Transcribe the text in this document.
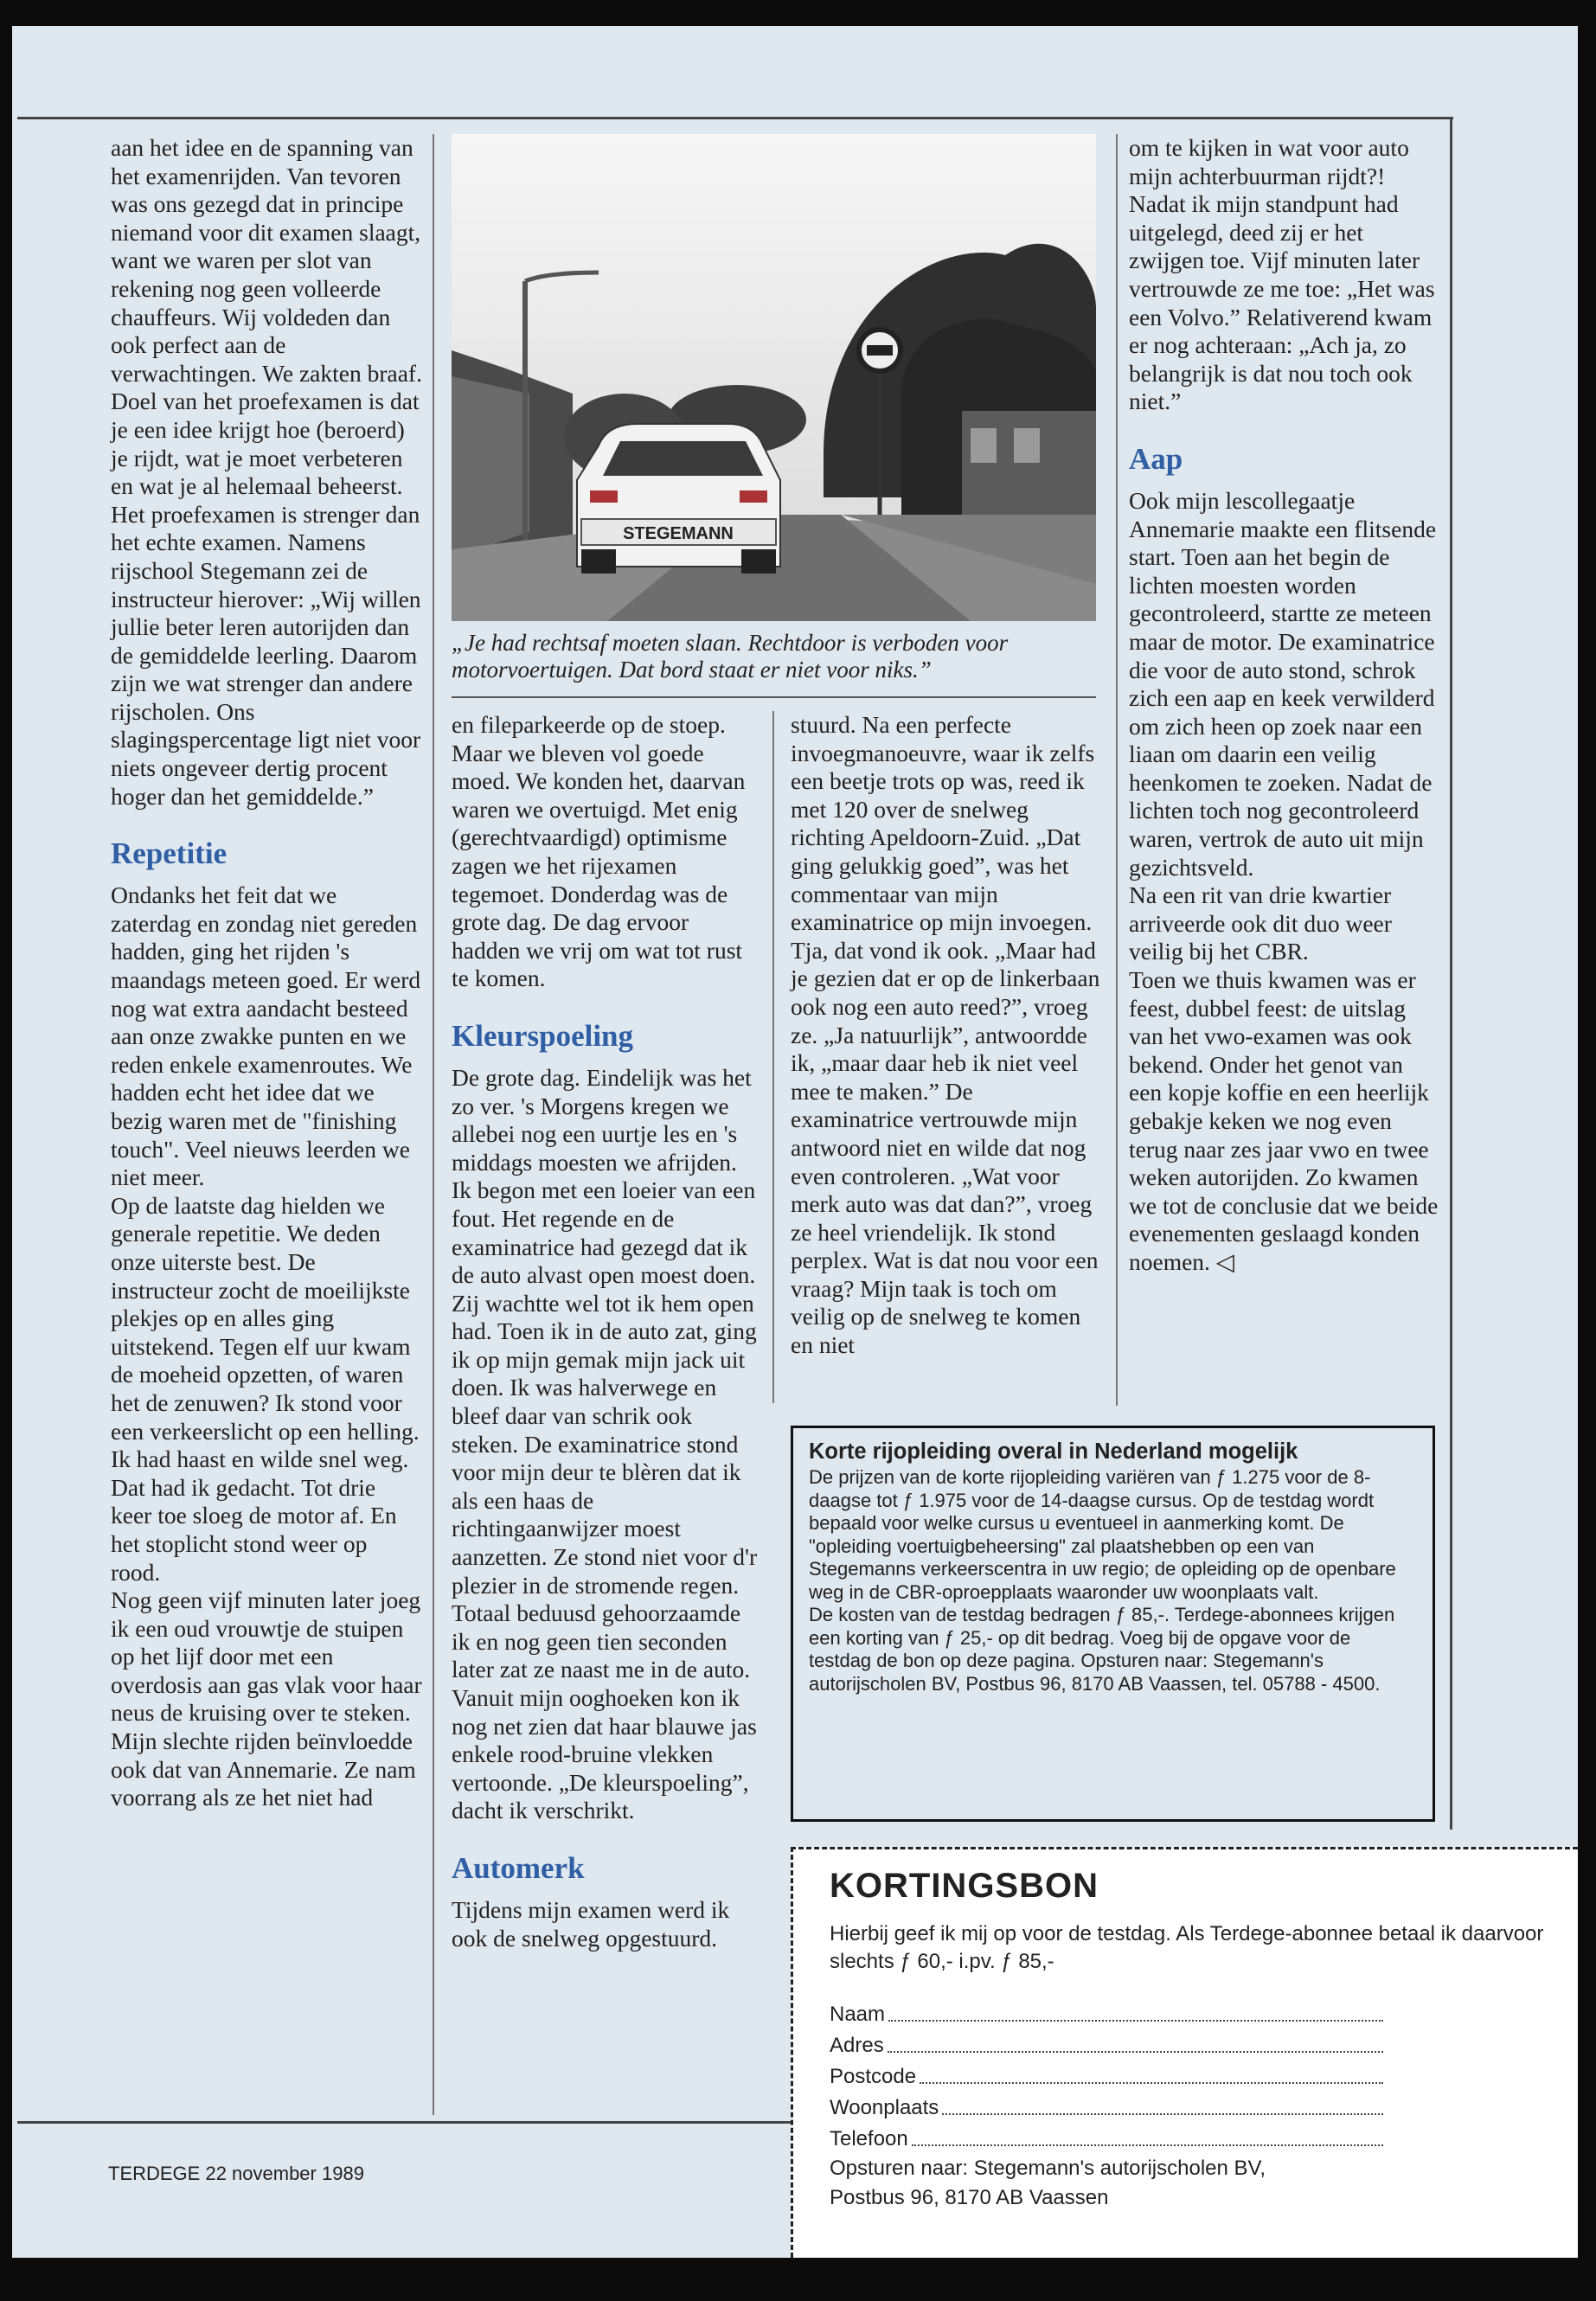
aan het idee en de spanning van het examenrijden. Van tevoren was ons gezegd dat in principe niemand voor dit examen slaagt, want we waren per slot van rekening nog geen volleerde chauffeurs. Wij voldeden dan ook perfect aan de verwachtingen. We zakten braaf.

Doel van het proefexamen is dat je een idee krijgt hoe (beroerd) je rijdt, wat je moet verbeteren en wat je al helemaal beheerst. Het proefexamen is strenger dan het echte examen. Namens rijschool Stegemann zei de instructeur hierover: „Wij willen jullie beter leren autorijden dan de gemiddelde leerling. Daarom zijn we wat strenger dan andere rijscholen. Ons slagingspercentage ligt niet voor niets ongeveer dertig procent hoger dan het gemiddelde.”

Repetitie

Ondanks het feit dat we zaterdag en zondag niet gereden hadden, ging het rijden 's maandags meteen goed. Er werd nog wat extra aandacht besteed aan onze zwakke punten en we reden enkele examenroutes. We hadden echt het idee dat we bezig waren met de "finishing touch". Veel nieuws leerden we niet meer.

Op de laatste dag hielden we generale repetitie. We deden onze uiterste best. De instructeur zocht de moeilijkste plekjes op en alles ging uitstekend. Tegen elf uur kwam de moeheid opzetten, of waren het de zenuwen? Ik stond voor een verkeerslicht op een helling. Ik had haast en wilde snel weg. Dat had ik gedacht. Tot drie keer toe sloeg de motor af. En het stoplicht stond weer op rood.

Nog geen vijf minuten later joeg ik een oud vrouwtje de stuipen op het lijf door met een overdosis aan gas vlak voor haar neus de kruising over te steken. Mijn slechte rijden beïnvloedde ook dat van Annemarie. Ze nam voorrang als ze het niet had

STEGEMANN
„Je had rechtsaf moeten slaan. Rechtdoor is verboden voor motorvoertuigen. Dat bord staat er niet voor niks.”

en fileparkeerde op de stoep. Maar we bleven vol goede moed. We konden het, daarvan waren we overtuigd. Met enig (gerechtvaardigd) optimisme zagen we het rijexamen tegemoet. Donderdag was de grote dag. De dag ervoor hadden we vrij om wat tot rust te komen.

Kleurspoeling

De grote dag. Eindelijk was het zo ver. 's Morgens kregen we allebei nog een uurtje les en 's middags moesten we afrijden. Ik begon met een loeier van een fout. Het regende en de examinatrice had gezegd dat ik de auto alvast open moest doen. Zij wachtte wel tot ik hem open had. Toen ik in de auto zat, ging ik op mijn gemak mijn jack uit doen. Ik was halverwege en bleef daar van schrik ook steken. De examinatrice stond voor mijn deur te blèren dat ik als een haas de richtingaanwijzer moest aanzetten. Ze stond niet voor d'r plezier in de stromende regen.

Totaal beduusd gehoorzaamde ik en nog geen tien seconden later zat ze naast me in de auto. Vanuit mijn ooghoeken kon ik nog net zien dat haar blauwe jas enkele rood-bruine vlekken vertoonde. „De kleurspoeling”, dacht ik verschrikt.

Automerk

Tijdens mijn examen werd ik ook de snelweg opgestuurd.

stuurd. Na een perfecte invoegmanoeuvre, waar ik zelfs een beetje trots op was, reed ik met 120 over de snelweg richting Apeldoorn-Zuid. „Dat ging gelukkig goed”, was het commentaar van mijn examinatrice op mijn invoegen. Tja, dat vond ik ook. „Maar had je gezien dat er op de linkerbaan ook nog een auto reed?”, vroeg ze. „Ja natuurlijk”, antwoordde ik, „maar daar heb ik niet veel mee te maken.” De examinatrice vertrouwde mijn antwoord niet en wilde dat nog even controleren. „Wat voor merk auto was dat dan?”, vroeg ze heel vriendelijk. Ik stond perplex. Wat is dat nou voor een vraag? Mijn taak is toch om veilig op de snelweg te komen en niet

om te kijken in wat voor auto mijn achterbuurman rijdt?! Nadat ik mijn standpunt had uitgelegd, deed zij er het zwijgen toe. Vijf minuten later vertrouwde ze me toe: „Het was een Volvo.” Relativerend kwam er nog achteraan: „Ach ja, zo belangrijk is dat nou toch ook niet.”

Aap

Ook mijn lescollegaatje Annemarie maakte een flitsende start. Toen aan het begin de lichten moesten worden gecontroleerd, startte ze meteen maar de motor. De examinatrice die voor de auto stond, schrok zich een aap en keek verwilderd om zich heen op zoek naar een liaan om daarin een veilig heenkomen te zoeken. Nadat de lichten toch nog gecontroleerd waren, vertrok de auto uit mijn gezichtsveld.

Na een rit van drie kwartier arriveerde ook dit duo weer veilig bij het CBR.

Toen we thuis kwamen was er feest, dubbel feest: de uitslag van het vwo-examen was ook bekend. Onder het genot van een kopje koffie en een heerlijk gebakje keken we nog even terug naar zes jaar vwo en twee weken autorijden. Zo kwamen we tot de conclusie dat we beide evenementen geslaagd konden noemen. ◁

Korte rijopleiding overal in Nederland mogelijk

De prijzen van de korte rijopleiding variëren van ƒ 1.275 voor de 8-daagse tot ƒ 1.975 voor de 14-daagse cursus. Op de testdag wordt bepaald voor welke cursus u eventueel in aanmerking komt. De "opleiding voertuigbeheersing" zal plaatshebben op een van Stegemanns verkeerscentra in uw regio; de opleiding op de openbare weg in de CBR-oproepplaats waaronder uw woonplaats valt.

De kosten van de testdag bedragen ƒ 85,-. Terdege-abonnees krijgen een korting van ƒ 25,- op dit bedrag. Voeg bij de opgave voor de testdag de bon op deze pagina. Opsturen naar: Stegemann's autorijscholen BV, Postbus 96, 8170 AB Vaassen, tel. 05788 - 4500.

KORTINGSBON
Hierbij geef ik mij op voor de testdag. Als Terdege-abonnee betaal ik daarvoor slechts ƒ 60,- i.pv. ƒ 85,-
Naam
Adres
Postcode
Woonplaats
Telefoon
Opsturen naar: Stegemann's autorijscholen BV,
Postbus 96, 8170 AB Vaassen
TERDEGE 22 november 1989
